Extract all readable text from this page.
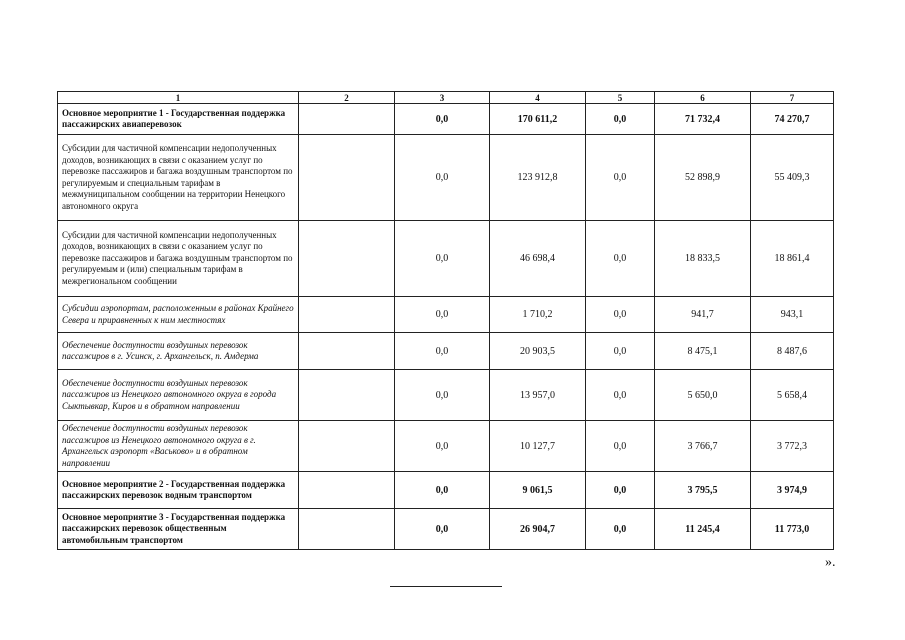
1	2	3	4	5	6	7
Основное мероприятие 1 - Государственная поддержка пассажирских авиаперевозок		0,0	170 611,2	0,0	71 732,4	74 270,7
Субсидии для частичной компенсации недополученных доходов, возникающих в связи с оказанием услуг по перевозке пассажиров и багажа воздушным транспортом по регулируемым и специальным тарифам в межмуниципальном сообщении на территории Ненецкого автономного округа		0,0	123 912,8	0,0	52 898,9	55 409,3
Субсидии для частичной компенсации недополученных доходов, возникающих в связи с оказанием услуг по перевозке пассажиров и багажа воздушным транспортом по регулируемым и (или) специальным тарифам в межрегиональном сообщении		0,0	46 698,4	0,0	18 833,5	18 861,4
Субсидии аэропортам, расположенным в районах Крайнего Севера и приравненных к ним местностях		0,0	1 710,2	0,0	941,7	943,1
Обеспечение доступности воздушных перевозок пассажиров в г. Усинск, г. Архангельск, п. Амдерма		0,0	20 903,5	0,0	8 475,1	8 487,6
Обеспечение доступности воздушных перевозок пассажиров из Ненецкого автономного округа в города Сыктывкар, Киров и в обратном направлении		0,0	13 957,0	0,0	5 650,0	5 658,4
Обеспечение доступности воздушных перевозок пассажиров из Ненецкого автономного округа в г. Архангельск аэропорт «Васьково» и в обратном направлении		0,0	10 127,7	0,0	3 766,7	3 772,3
Основное мероприятие 2 - Государственная поддержка пассажирских перевозок водным транспортом		0,0	9 061,5	0,0	3 795,5	3 974,9
Основное мероприятие 3 - Государственная поддержка пассажирских перевозок общественным автомобильным транспортом		0,0	26 904,7	0,0	11 245,4	11 773,0
».
